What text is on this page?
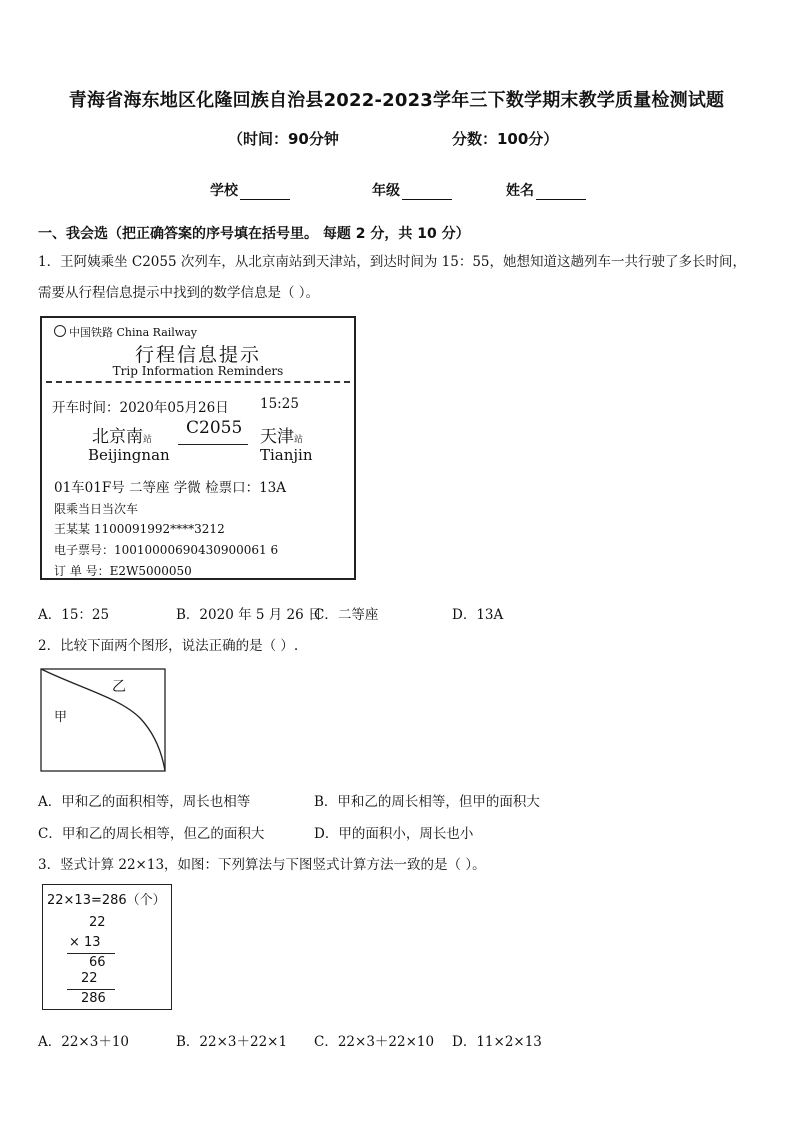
青海省海东地区化隆回族自治县2022-2023学年三下数学期末教学质量检测试题
（时间：90分钟	分数：100分）
学校	年级	姓名
一、我会选（把正确答案的序号填在括号里。 每题 2 分，共 10 分）
1．王阿姨乘坐 C2055 次列车，从北京南站到天津站，到达时间为 15：55，她想知道这趟列车一共行驶了多长时间，
需要从行程信息提示中找到的数学信息是（ ）。
中国铁路 China Railway
行程信息提示
Trip Information Reminders
开车时间：2020年05月26日 15:25
北京南站
C2055 天津站
Beijingnan	Tianjin
01车01F号 二等座 学微 检票口：13A
限乘当日当次车
王某某 1100091992****3212
电子票号：10010000690430900061 6
订 单 号：E2W5000050
A．15：25	B．2020 年 5 月 26 日
C．二等座	D．13A
2．比较下面两个图形，说法正确的是（ ）.
乙
甲
A．甲和乙的面积相等，周长也相等	B．甲和乙的周长相等，但甲的面积大
C．甲和乙的周长相等，但乙的面积大	D．甲的面积小，周长也小
3．竖式计算 22×13，如图：下列算法与下图竖式计算方法一致的是（ ）。
22×13=286（个）
22
× 13
66
22
286
A．22×3＋10	B．22×3＋22×1 C．22×3＋22×10 D．11×2×13
